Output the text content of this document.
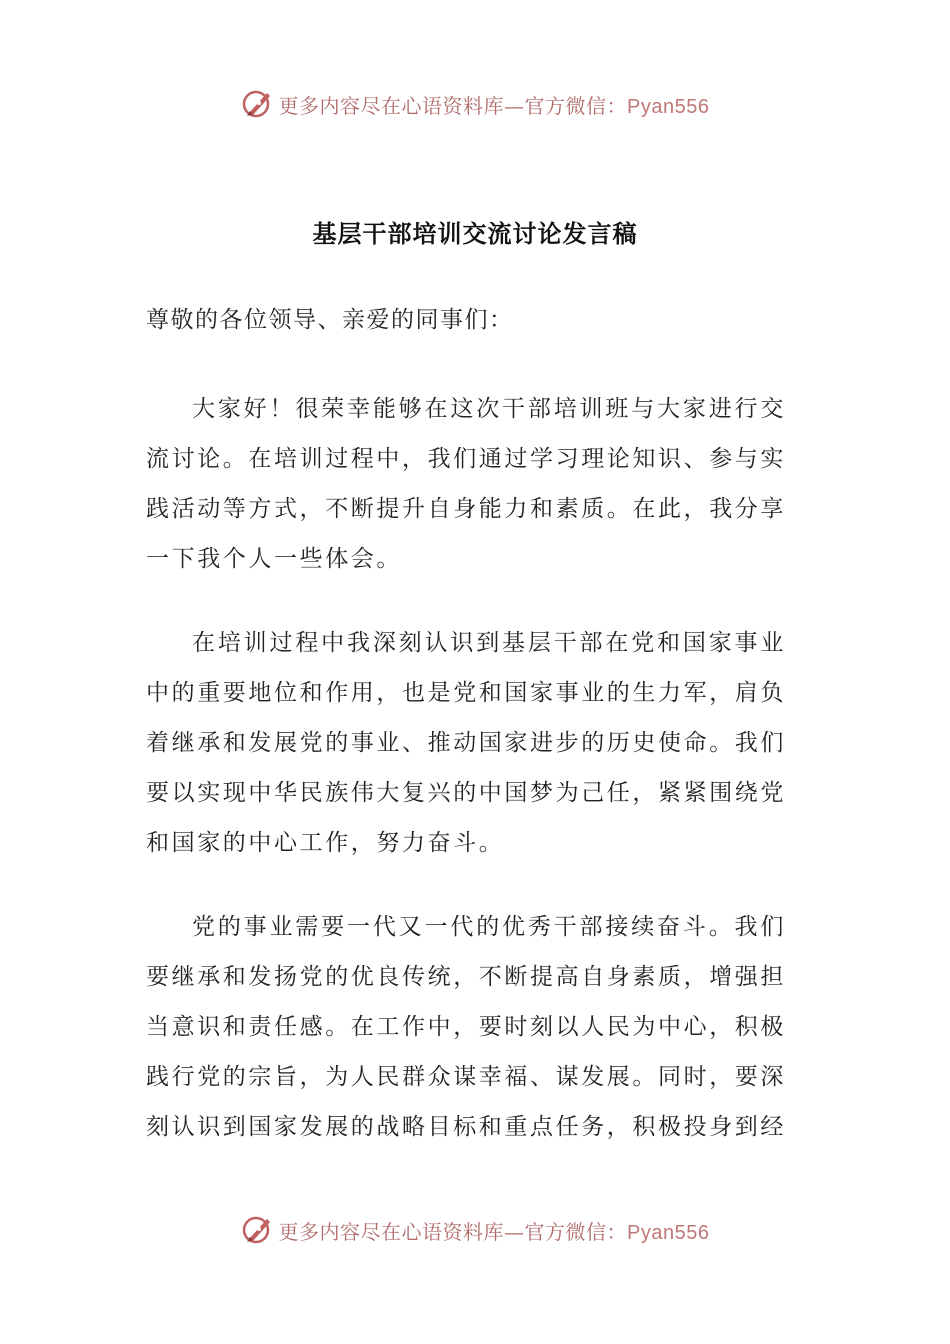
更多内容尽在心语资料库—官方微信：Pyan556
基层干部培训交流讨论发言稿

尊敬的各位领导、亲爱的同事们：

大家好！很荣幸能够在这次干部培训班与大家进行交流讨论。在培训过程中，我们通过学习理论知识、参与实践活动等方式，不断提升自身能力和素质。在此，我分享一下我个人一些体会。

在培训过程中我深刻认识到基层干部在党和国家事业中的重要地位和作用，也是党和国家事业的生力军，肩负着继承和发展党的事业、推动国家进步的历史使命。我们要以实现中华民族伟大复兴的中国梦为己任，紧紧围绕党和国家的中心工作，努力奋斗。

党的事业需要一代又一代的优秀干部接续奋斗。我们要继承和发扬党的优良传统，不断提高自身素质，增强担当意识和责任感。在工作中，要时刻以人民为中心，积极践行党的宗旨，为人民群众谋幸福、谋发展。同时，要深刻认识到国家发展的战略目标和重点任务，积极投身到经

更多内容尽在心语资料库—官方微信：Pyan556
